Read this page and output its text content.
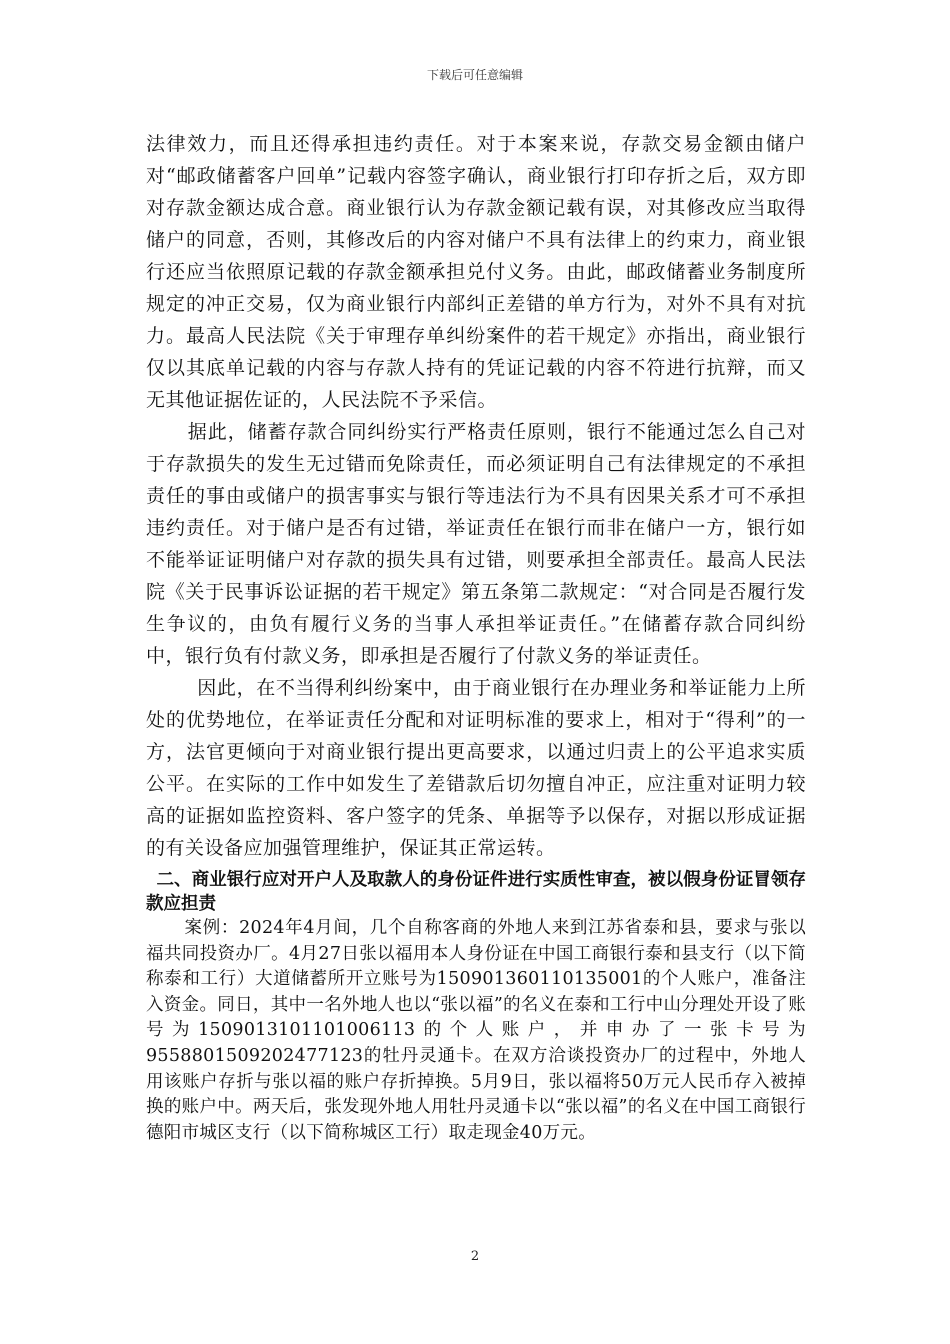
下载后可任意编辑

法律效力，而且还得承担违约责任。对于本案来说，存款交易金额由储户对“邮政储蓄客户回单”记载内容签字确认，商业银行打印存折之后，双方即对存款金额达成合意。商业银行认为存款金额记载有误，对其修改应当取得储户的同意，否则，其修改后的内容对储户不具有法律上的约束力，商业银行还应当依照原记载的存款金额承担兑付义务。由此，邮政储蓄业务制度所规定的冲正交易，仅为商业银行内部纠正差错的单方行为，对外不具有对抗力。最高人民法院《关于审理存单纠纷案件的若干规定》亦指出，商业银行仅以其底单记载的内容与存款人持有的凭证记载的内容不符进行抗辩，而又无其他证据佐证的，人民法院不予采信。

据此，储蓄存款合同纠纷实行严格责任原则，银行不能通过怎么自己对于存款损失的发生无过错而免除责任，而必须证明自己有法律规定的不承担责任的事由或储户的损害事实与银行等违法行为不具有因果关系才可不承担违约责任。对于储户是否有过错，举证责任在银行而非在储户一方，银行如不能举证证明储户对存款的损失具有过错，则要承担全部责任。最高人民法院《关于民事诉讼证据的若干规定》第五条第二款规定：“对合同是否履行发生争议的，由负有履行义务的当事人承担举证责任。”在储蓄存款合同纠纷中，银行负有付款义务，即承担是否履行了付款义务的举证责任。

因此，在不当得利纠纷案中，由于商业银行在办理业务和举证能力上所处的优势地位，在举证责任分配和对证明标准的要求上，相对于“得利”的一方，法官更倾向于对商业银行提出更高要求，以通过归责上的公平追求实质公平。在实际的工作中如发生了差错款后切勿擅自冲正，应注重对证明力较高的证据如监控资料、客户签字的凭条、单据等予以保存，对据以形成证据的有关设备应加强管理维护，保证其正常运转。

二、商业银行应对开户人及取款人的身份证件进行实质性审查，被以假身份证冒领存款应担责

案例：2024年4月间，几个自称客商的外地人来到江苏省泰和县，要求与张以福共同投资办厂。4月27日张以福用本人身份证在中国工商银行泰和县支行（以下简称泰和工行）大道储蓄所开立账号为150901360110135001的个人账户，准备注入资金。同日，其中一名外地人也以“张以福”的名义在泰和工行中山分理处开设了账号为1509013101101006113的个人账户，并申办了一张卡号为9558801509202477123的牡丹灵通卡。在双方洽谈投资办厂的过程中，外地人用该账户存折与张以福的账户存折掉换。5月9日，张以福将50万元人民币存入被掉换的账户中。两天后，张发现外地人用牡丹灵通卡以“张以福”的名义在中国工商银行德阳市城区支行（以下简称城区工行）取走现金40万元。

2
